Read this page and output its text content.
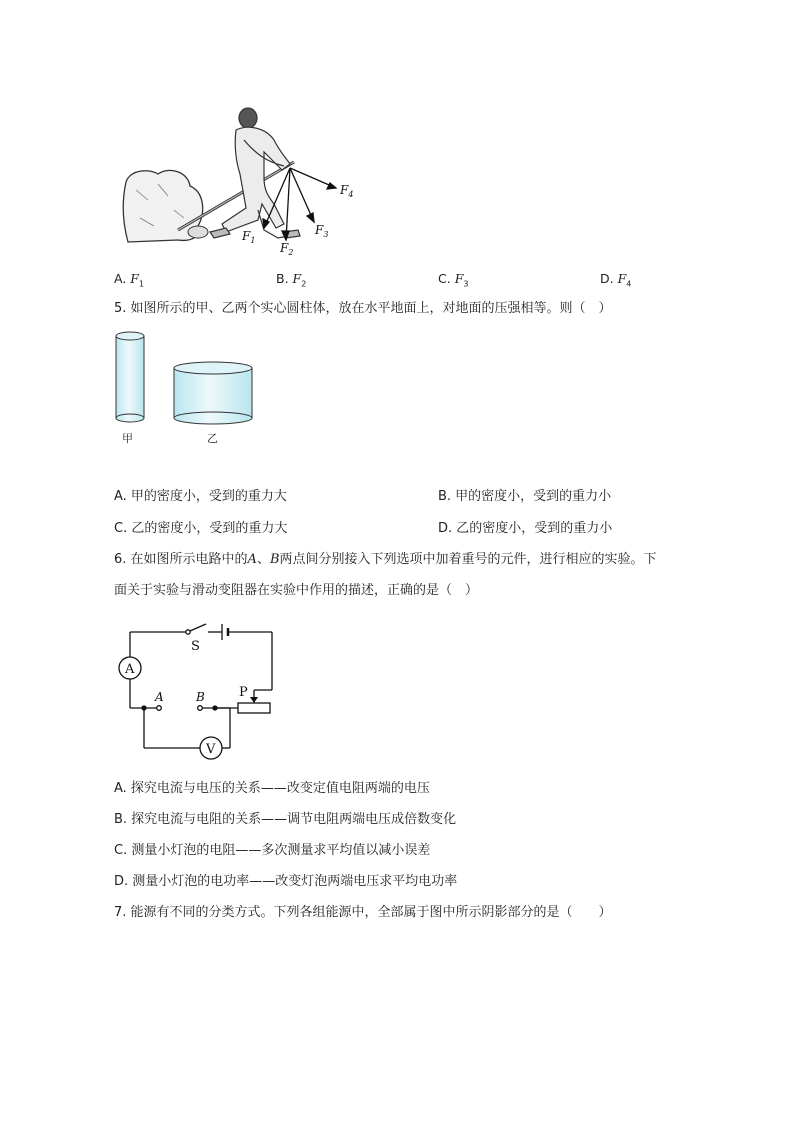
$F_1$
$F_2$
$F_3$
$F_4$
A. $F_1$	B. $F_2$	C. $F_3$	D. $F_4$
5. 如图所示的甲、乙两个实心圆柱体，放在水平地面上，对地面的压强相等。则（　）
甲	乙
A. 甲的密度小，受到的重力大	B. 甲的密度小，受到的重力小
C. 乙的密度小，受到的重力大	D. 乙的密度小，受到的重力小
6. 在如图所示电路中的A、B两点间分别接入下列选项中加着重号的元件，进行相应的实验。下
面关于实验与滑动变阻器在实验中作用的描述，正确的是（　）
S
A
A	B	P
V
A. 探究电流与电压的关系——改变定值电阻两端的电压
B. 探究电流与电阻的关系——调节电阻两端电压成倍数变化
C. 测量小灯泡的电阻——多次测量求平均值以减小误差
D. 测量小灯泡的电功率——改变灯泡两端电压求平均电功率
7. 能源有不同的分类方式。下列各组能源中，全部属于图中所示阴影部分的是（　　）
